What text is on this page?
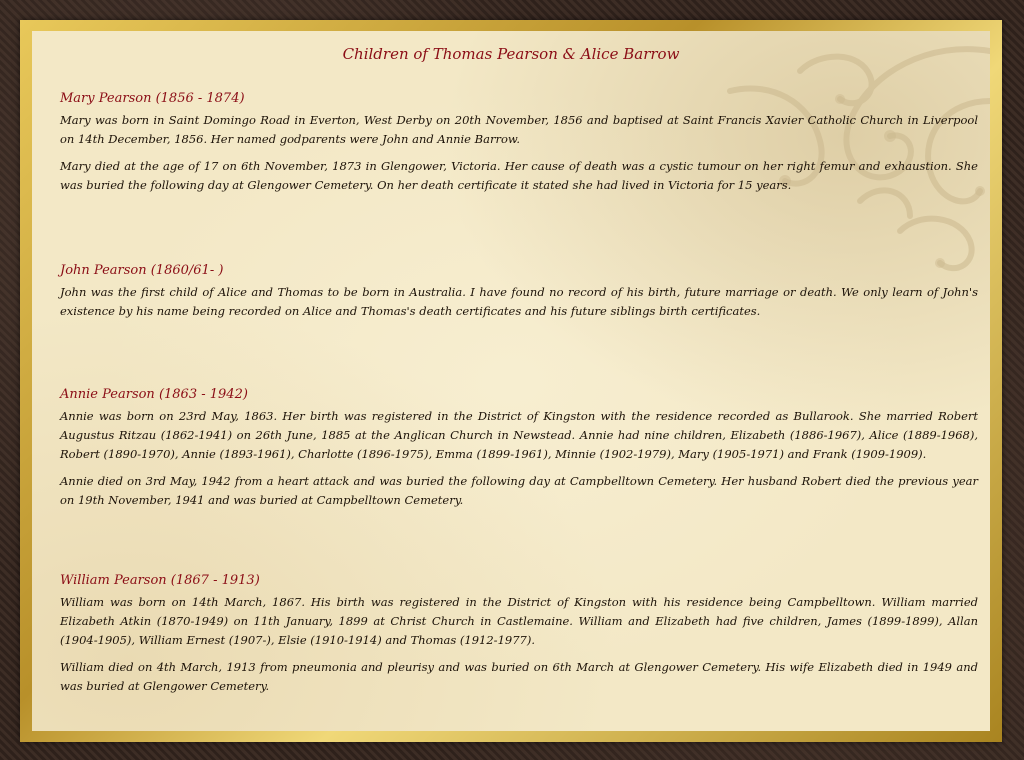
Children of Thomas Pearson & Alice Barrow
Mary Pearson (1856 - 1874)

Mary was born in Saint Domingo Road in Everton, West Derby on 20th November, 1856 and baptised at Saint Francis Xavier Catholic Church in Liverpool on 14th December, 1856. Her named godparents were John and Annie Barrow.

Mary died at the age of 17 on 6th November, 1873 in Glengower, Victoria. Her cause of death was a cystic tumour on her right femur and exhaustion. She was buried the following day at Glengower Cemetery. On her death certificate it stated she had lived in Victoria for 15 years.

John Pearson (1860/61- )

John was the first child of Alice and Thomas to be born in Australia. I have found no record of his birth, future marriage or death. We only learn of John's existence by his name being recorded on Alice and Thomas's death certificates and his future siblings birth certificates.

Annie Pearson (1863 - 1942)

Annie was born on 23rd May, 1863. Her birth was registered in the District of Kingston with the residence recorded as Bullarook. She married Robert Augustus Ritzau (1862-1941) on 26th June, 1885 at the Anglican Church in Newstead. Annie had nine children, Elizabeth (1886-1967), Alice (1889-1968), Robert (1890-1970), Annie (1893-1961), Charlotte (1896-1975), Emma (1899-1961), Minnie (1902-1979), Mary (1905-1971) and Frank (1909-1909).

Annie died on 3rd May, 1942 from a heart attack and was buried the following day at Campbelltown Cemetery. Her husband Robert died the previous year on 19th November, 1941 and was buried at Campbelltown Cemetery.

William Pearson (1867 - 1913)

William was born on 14th March, 1867. His birth was registered in the District of Kingston with his residence being Campbelltown. William married Elizabeth Atkin (1870-1949) on 11th January, 1899 at Christ Church in Castlemaine. William and Elizabeth had five children, James (1899-1899), Allan (1904-1905), William Ernest (1907-), Elsie (1910-1914) and Thomas (1912-1977).

William died on 4th March, 1913 from pneumonia and pleurisy and was buried on 6th March at Glengower Cemetery. His wife Elizabeth died in 1949 and was buried at Glengower Cemetery.
